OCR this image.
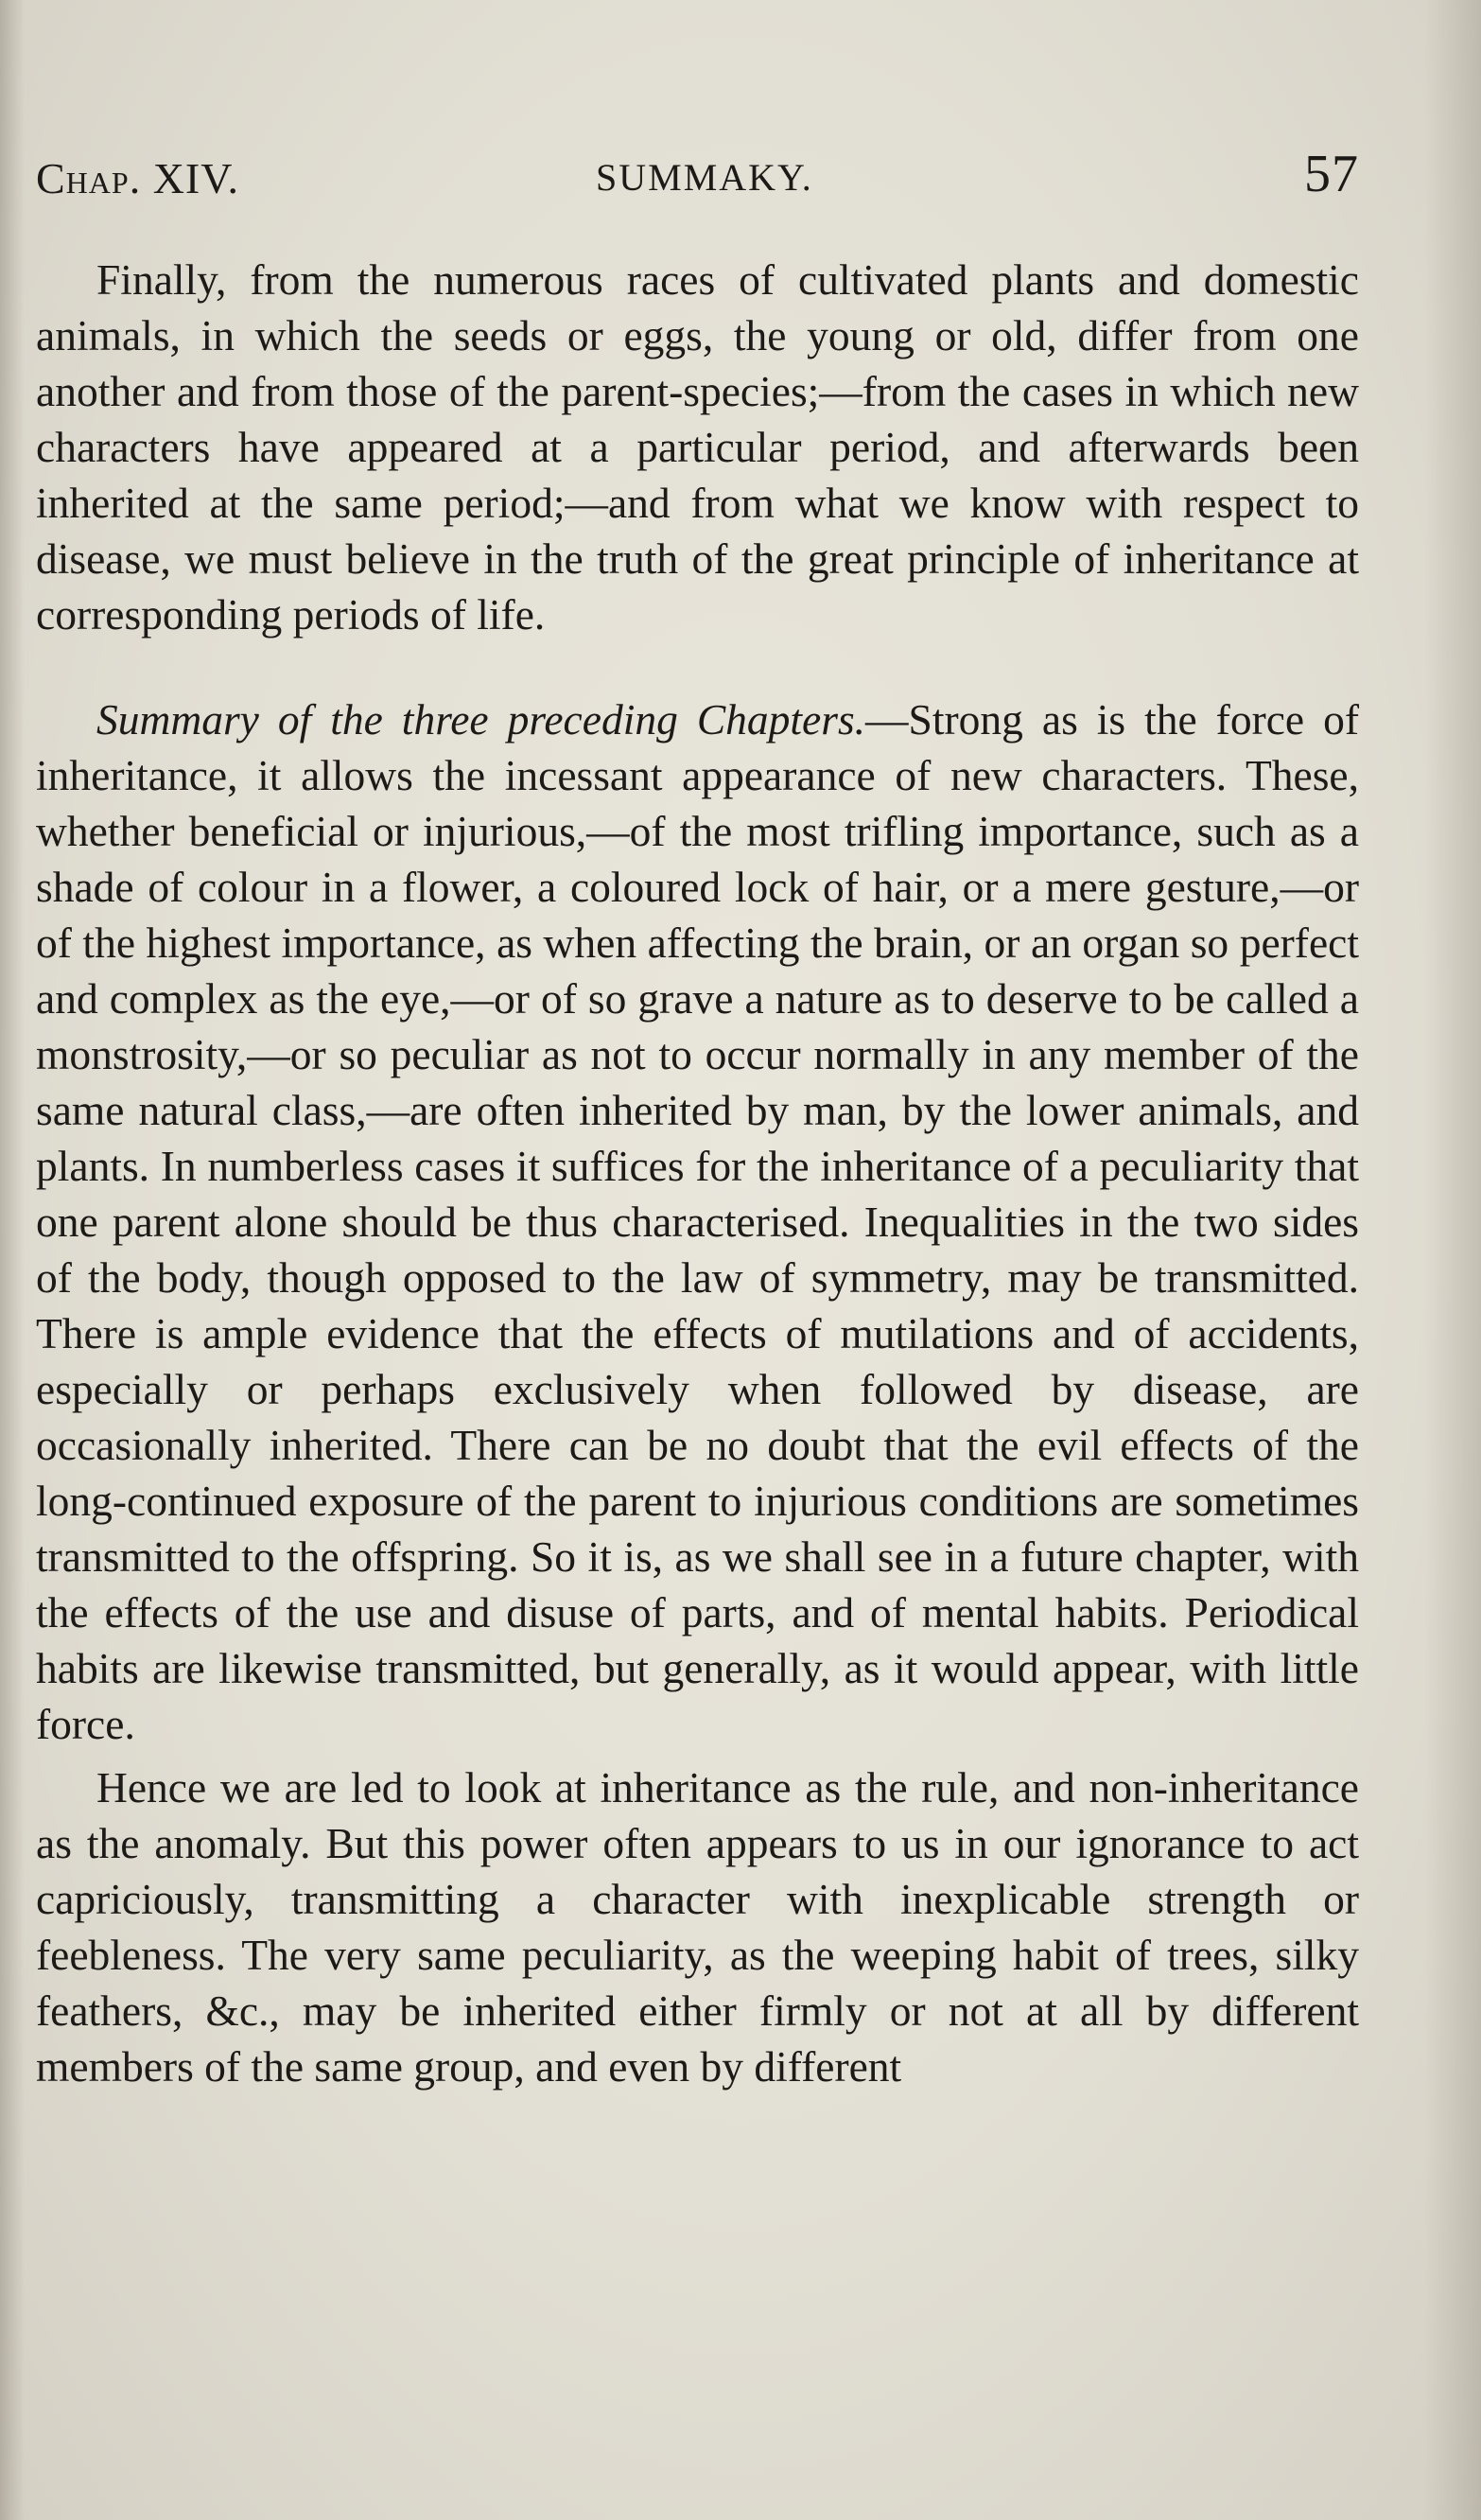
Chap. XIV.	SUMMAKY.	57

Finally, from the numerous races of cultivated plants and domestic animals, in which the seeds or eggs, the young or old, differ from one another and from those of the parent-species;—from the cases in which new characters have appeared at a particular period, and afterwards been inherited at the same period;—and from what we know with respect to disease, we must believe in the truth of the great principle of inheritance at corresponding periods of life.

Summary of the three preceding Chapters.—Strong as is the force of inheritance, it allows the incessant appearance of new characters. These, whether beneficial or injurious,—of the most trifling importance, such as a shade of colour in a flower, a coloured lock of hair, or a mere gesture,—or of the highest importance, as when affecting the brain, or an organ so perfect and complex as the eye,—or of so grave a nature as to deserve to be called a monstrosity,—or so peculiar as not to occur normally in any member of the same natural class,—are often inherited by man, by the lower animals, and plants. In numberless cases it suffices for the inheritance of a peculiarity that one parent alone should be thus characterised. Inequalities in the two sides of the body, though opposed to the law of symmetry, may be transmitted. There is ample evidence that the effects of mutilations and of accidents, especially or perhaps exclusively when followed by disease, are occasionally inherited. There can be no doubt that the evil effects of the long-continued exposure of the parent to injurious conditions are sometimes transmitted to the offspring. So it is, as we shall see in a future chapter, with the effects of the use and disuse of parts, and of mental habits. Periodical habits are likewise transmitted, but generally, as it would appear, with little force.

Hence we are led to look at inheritance as the rule, and non-inheritance as the anomaly. But this power often appears to us in our ignorance to act capriciously, transmitting a character with inexplicable strength or feebleness. The very same peculiarity, as the weeping habit of trees, silky feathers, &c., may be inherited either firmly or not at all by different members of the same group, and even by different
